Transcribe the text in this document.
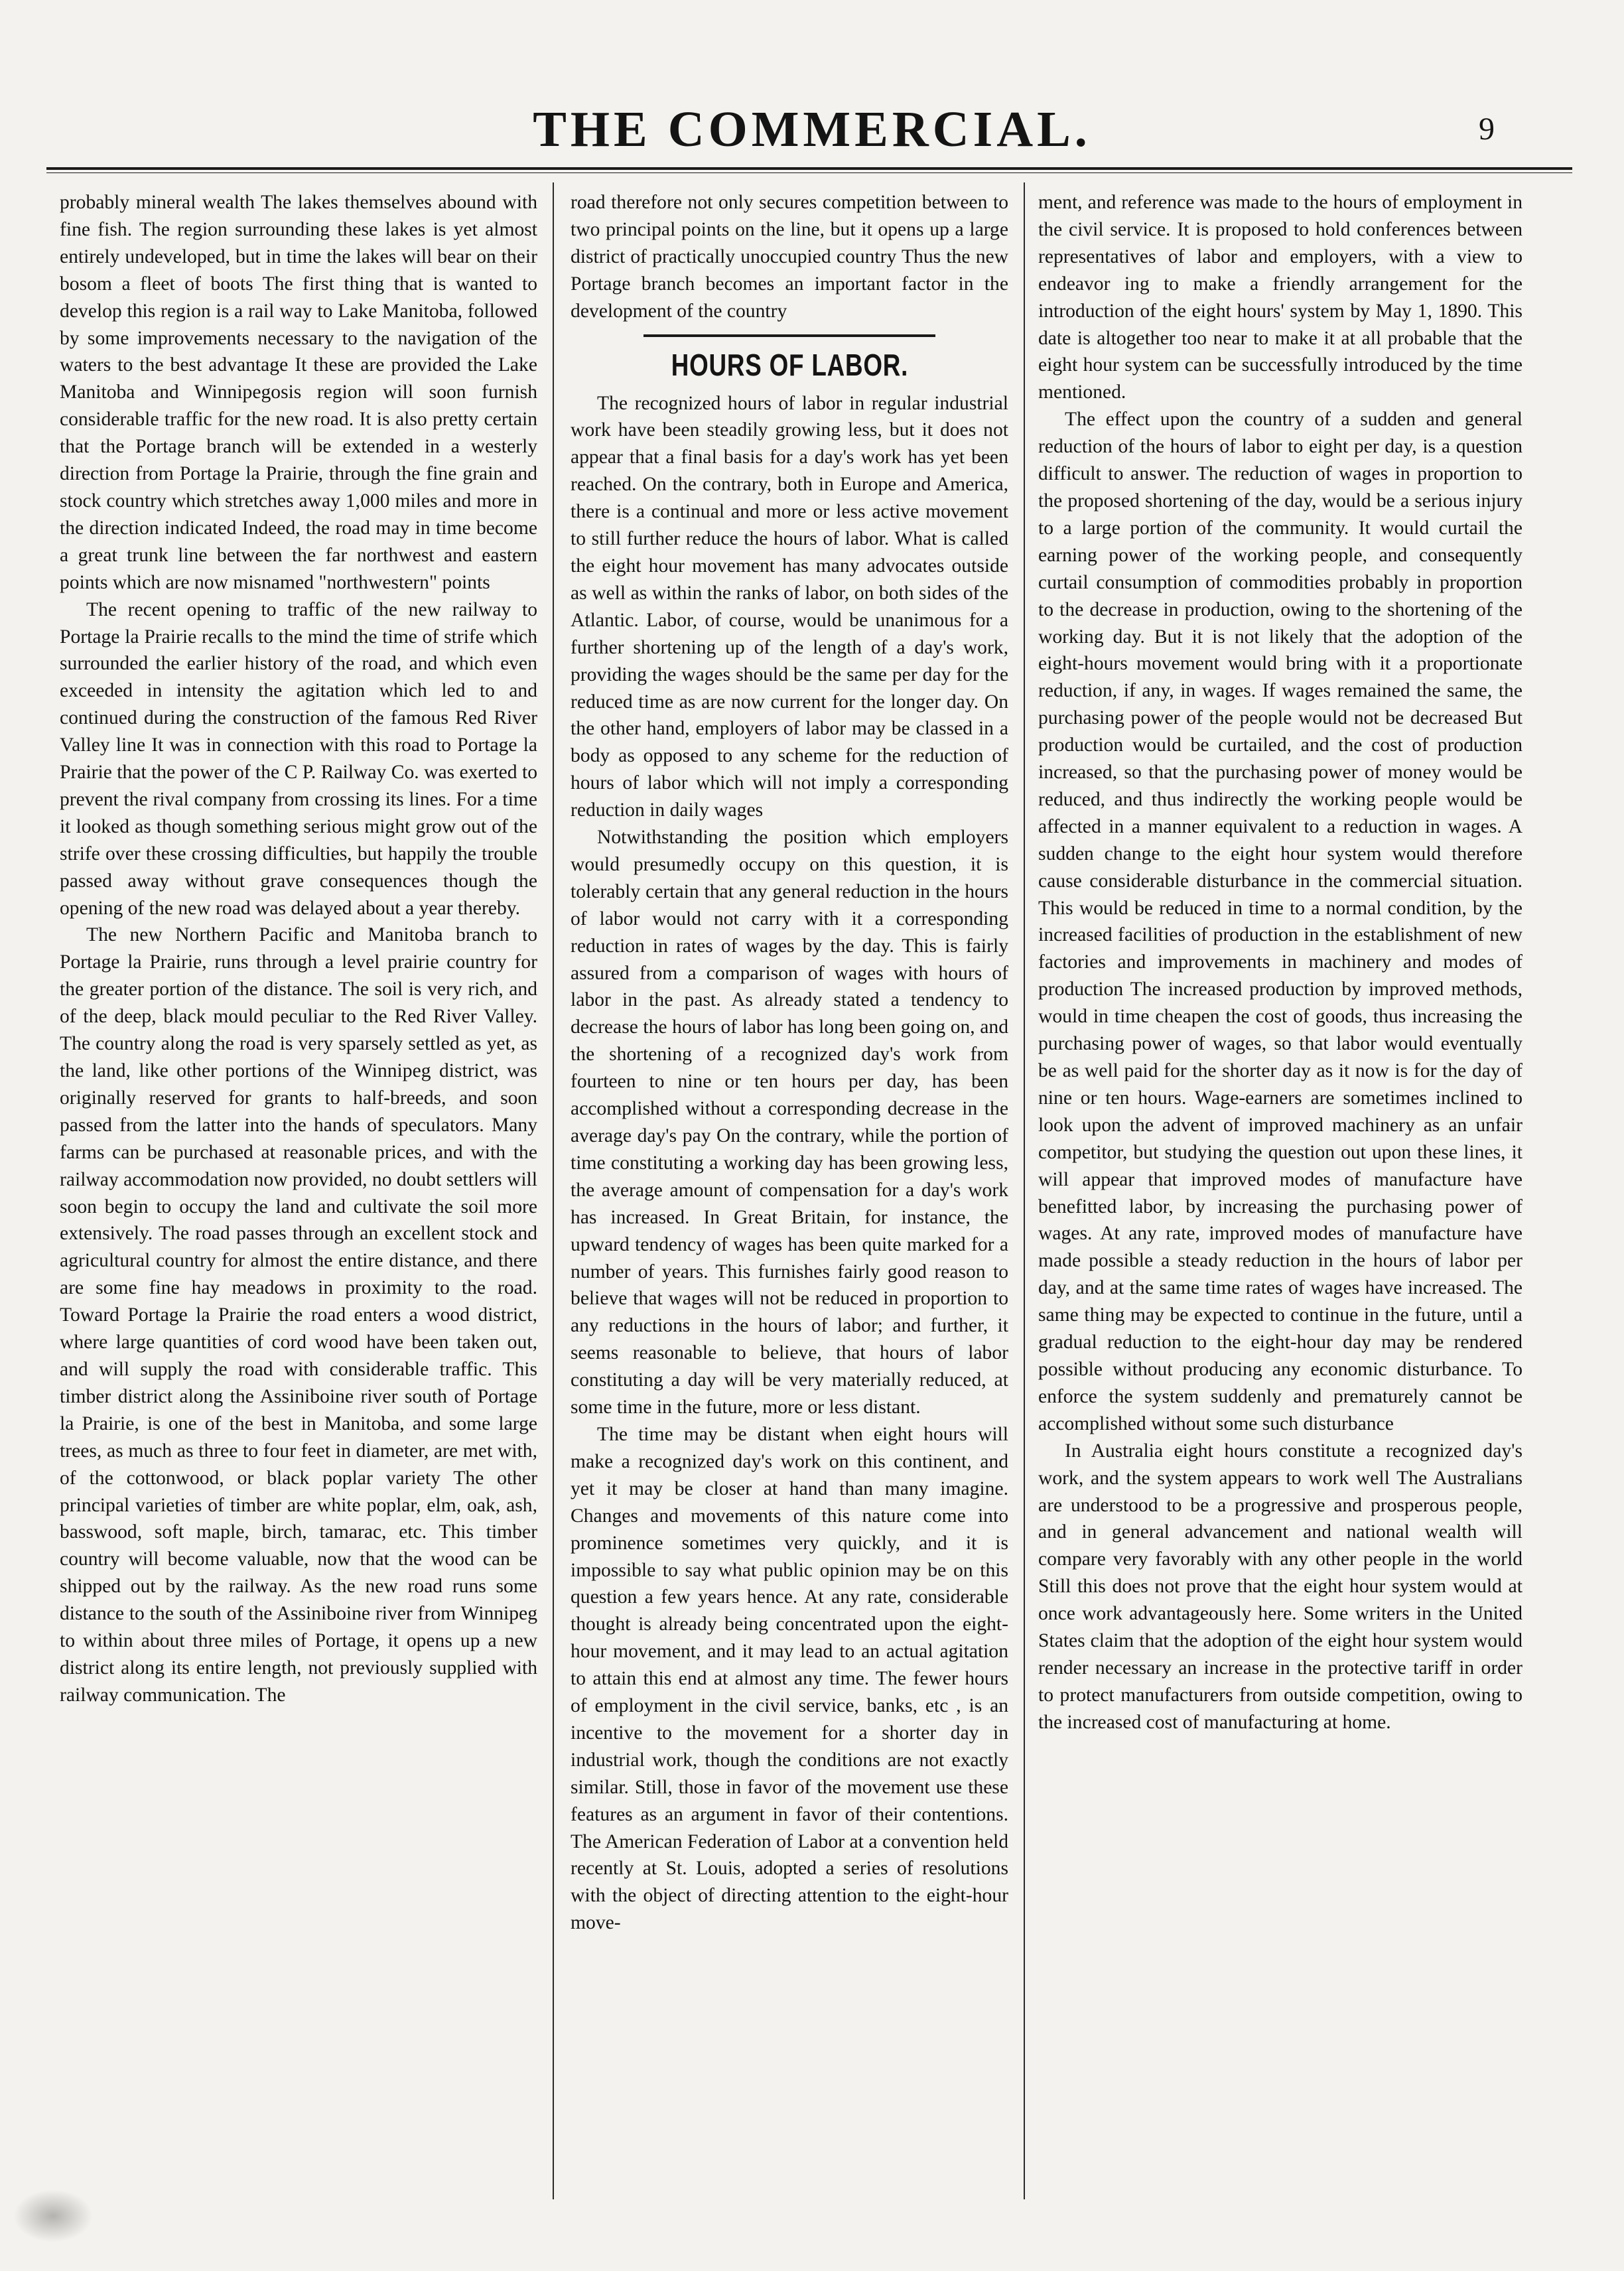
THE COMMERCIAL.	9

probably mineral wealth The lakes themselves abound with fine fish. The region surrounding these lakes is yet almost entirely undeveloped, but in time the lakes will bear on their bosom a fleet of boots The first thing that is wanted to develop this region is a rail way to Lake Manitoba, followed by some improvements necessary to the navigation of the waters to the best advantage It these are provided the Lake Manitoba and Winnipegosis region will soon furnish considerable traffic for the new road. It is also pretty certain that the Portage branch will be extended in a westerly direction from Portage la Prairie, through the fine grain and stock country which stretches away 1,000 miles and more in the direction indicated Indeed, the road may in time become a great trunk line between the far northwest and eastern points which are now misnamed "northwestern" points

The recent opening to traffic of the new railway to Portage la Prairie recalls to the mind the time of strife which surrounded the earlier history of the road, and which even exceeded in intensity the agitation which led to and continued during the construction of the famous Red River Valley line It was in connection with this road to Portage la Prairie that the power of the C P. Railway Co. was exerted to prevent the rival company from crossing its lines. For a time it looked as though something serious might grow out of the strife over these crossing difficulties, but happily the trouble passed away without grave consequences though the opening of the new road was delayed about a year thereby.

The new Northern Pacific and Manitoba branch to Portage la Prairie, runs through a level prairie country for the greater portion of the distance. The soil is very rich, and of the deep, black mould peculiar to the Red River Valley. The country along the road is very sparsely settled as yet, as the land, like other portions of the Winnipeg district, was originally reserved for grants to half-breeds, and soon passed from the latter into the hands of speculators. Many farms can be purchased at reasonable prices, and with the railway accommodation now provided, no doubt settlers will soon begin to occupy the land and cultivate the soil more extensively. The road passes through an excellent stock and agricultural country for almost the entire distance, and there are some fine hay meadows in proximity to the road. Toward Portage la Prairie the road enters a wood district, where large quantities of cord wood have been taken out, and will supply the road with considerable traffic. This timber district along the Assiniboine river south of Portage la Prairie, is one of the best in Manitoba, and some large trees, as much as three to four feet in diameter, are met with, of the cottonwood, or black poplar variety The other principal varieties of timber are white poplar, elm, oak, ash, basswood, soft maple, birch, tamarac, etc. This timber country will become valuable, now that the wood can be shipped out by the railway. As the new road runs some distance to the south of the Assiniboine river from Winnipeg to within about three miles of Portage, it opens up a new district along its entire length, not previously supplied with railway communication. The

road therefore not only secures competition between to two principal points on the line, but it opens up a large district of practically unoccupied country Thus the new Portage branch becomes an important factor in the development of the country

HOURS OF LABOR.

The recognized hours of labor in regular industrial work have been steadily growing less, but it does not appear that a final basis for a day's work has yet been reached. On the contrary, both in Europe and America, there is a continual and more or less active movement to still further reduce the hours of labor. What is called the eight hour movement has many advocates outside as well as within the ranks of labor, on both sides of the Atlantic. Labor, of course, would be unanimous for a further shortening up of the length of a day's work, providing the wages should be the same per day for the reduced time as are now current for the longer day. On the other hand, employers of labor may be classed in a body as opposed to any scheme for the reduction of hours of labor which will not imply a corresponding reduction in daily wages

Notwithstanding the position which employers would presumedly occupy on this question, it is tolerably certain that any general reduction in the hours of labor would not carry with it a corresponding reduction in rates of wages by the day. This is fairly assured from a comparison of wages with hours of labor in the past. As already stated a tendency to decrease the hours of labor has long been going on, and the shortening of a recognized day's work from fourteen to nine or ten hours per day, has been accomplished without a corresponding decrease in the average day's pay On the contrary, while the portion of time constituting a working day has been growing less, the average amount of compensation for a day's work has increased. In Great Britain, for instance, the upward tendency of wages has been quite marked for a number of years. This furnishes fairly good reason to believe that wages will not be reduced in proportion to any reductions in the hours of labor; and further, it seems reasonable to believe, that hours of labor constituting a day will be very materially reduced, at some time in the future, more or less distant.

The time may be distant when eight hours will make a recognized day's work on this continent, and yet it may be closer at hand than many imagine. Changes and movements of this nature come into prominence sometimes very quickly, and it is impossible to say what public opinion may be on this question a few years hence. At any rate, considerable thought is already being concentrated upon the eight-hour movement, and it may lead to an actual agitation to attain this end at almost any time. The fewer hours of employment in the civil service, banks, etc , is an incentive to the movement for a shorter day in industrial work, though the conditions are not exactly similar. Still, those in favor of the movement use these features as an argument in favor of their contentions. The American Federation of Labor at a convention held recently at St. Louis, adopted a series of resolutions with the object of directing attention to the eight-hour move-

ment, and reference was made to the hours of employment in the civil service. It is proposed to hold conferences between representatives of labor and employers, with a view to endeavor ing to make a friendly arrangement for the introduction of the eight hours' system by May 1, 1890. This date is altogether too near to make it at all probable that the eight hour system can be successfully introduced by the time mentioned.

The effect upon the country of a sudden and general reduction of the hours of labor to eight per day, is a question difficult to answer. The reduction of wages in proportion to the proposed shortening of the day, would be a serious injury to a large portion of the community. It would curtail the earning power of the working people, and consequently curtail consumption of commodities probably in proportion to the decrease in production, owing to the shortening of the working day. But it is not likely that the adoption of the eight-hours movement would bring with it a proportionate reduction, if any, in wages. If wages remained the same, the purchasing power of the people would not be decreased But production would be curtailed, and the cost of production increased, so that the purchasing power of money would be reduced, and thus indirectly the working people would be affected in a manner equivalent to a reduction in wages. A sudden change to the eight hour system would therefore cause considerable disturbance in the commercial situation. This would be reduced in time to a normal condition, by the increased facilities of production in the establishment of new factories and improvements in machinery and modes of production The increased production by improved methods, would in time cheapen the cost of goods, thus increasing the purchasing power of wages, so that labor would eventually be as well paid for the shorter day as it now is for the day of nine or ten hours. Wage-earners are sometimes inclined to look upon the advent of improved machinery as an unfair competitor, but studying the question out upon these lines, it will appear that improved modes of manufacture have benefitted labor, by increasing the purchasing power of wages. At any rate, improved modes of manufacture have made possible a steady reduction in the hours of labor per day, and at the same time rates of wages have increased. The same thing may be expected to continue in the future, until a gradual reduction to the eight-hour day may be rendered possible without producing any economic disturbance. To enforce the system suddenly and prematurely cannot be accomplished without some such disturbance

In Australia eight hours constitute a recognized day's work, and the system appears to work well The Australians are understood to be a progressive and prosperous people, and in general advancement and national wealth will compare very favorably with any other people in the world Still this does not prove that the eight hour system would at once work advantageously here. Some writers in the United States claim that the adoption of the eight hour system would render necessary an increase in the protective tariff in order to protect manufacturers from outside competition, owing to the increased cost of manufacturing at home.
